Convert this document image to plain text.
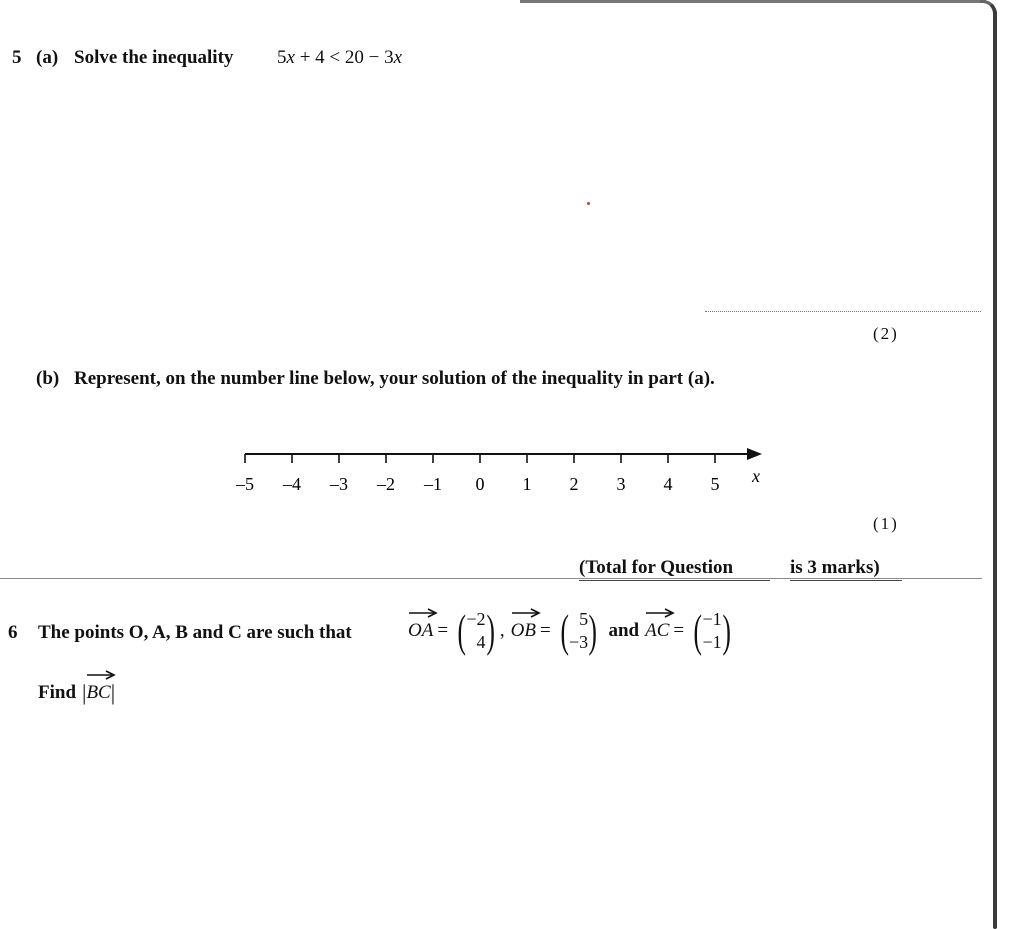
5 (a) Solve the inequality 5x + 4 < 20 − 3x
(2)
(b) Represent, on the number line below, your solution of the inequality in part (a).
–5 –4 –3 –2 –1 0 1 2 3 4 5 x
(1)
(Total for Question	is 3 marks)
6 The points O, A, B and C are such that	OA = ( −2
4 ) , OB = ( 5
−3 ) and AC = ( −1
−1 )
Find | BC |
